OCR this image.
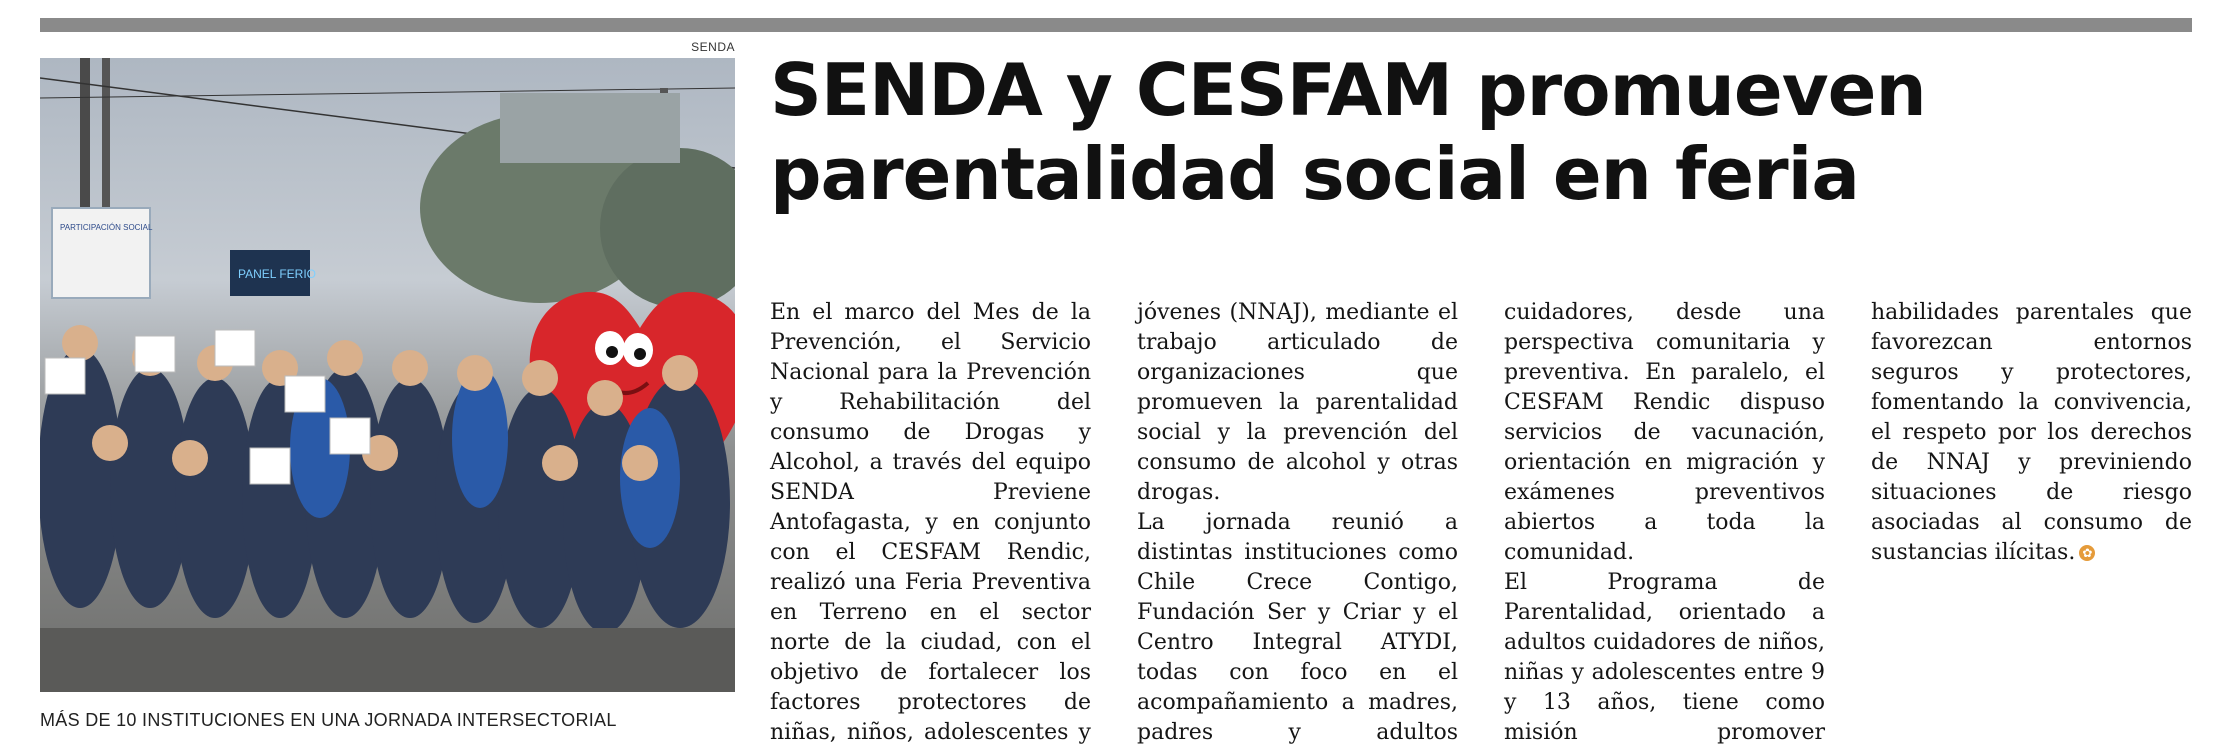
SENDA
PARTICIPACIÓN SOCIAL
PANEL FERIO
MÁS DE 10 INSTITUCIONES EN UNA JORNADA INTERSECTORIAL
SENDA y CESFAM promueven parentalidad social en feria

En el marco del Mes de la Prevención, el Servicio Nacional para la Prevención y Rehabilitación del consumo de Drogas y Alcohol, a través del equipo SENDA Previene Antofagasta, y en conjunto con el CESFAM Rendic, realizó una Feria Preventiva en Terreno en el sector norte de la ciudad, con el objetivo de fortalecer los factores protectores de niñas, niños, adolescentes y jóvenes (NNAJ), mediante el trabajo articulado de organizaciones que promueven la parentalidad social y la prevención del consumo de alcohol y otras drogas.

La jornada reunió a distintas instituciones como Chile Crece Contigo, Fundación Ser y Criar y el Centro Integral ATYDI, todas con foco en el acompañamiento a madres, padres y adultos cuidadores, desde una perspectiva comunitaria y preventiva. En paralelo, el CESFAM Rendic dispuso servicios de vacunación, orientación en migración y exámenes preventivos abiertos a toda la comunidad.

El Programa de Parentalidad, orientado a adultos cuidadores de niños, niñas y adolescentes entre 9 y 13 años, tiene como misión promover habilidades parentales que favorezcan entornos seguros y protectores, fomentando la convivencia, el respeto por los derechos de NNAJ y previniendo situaciones de riesgo asociadas al consumo de sustancias ilícitas. ✿
